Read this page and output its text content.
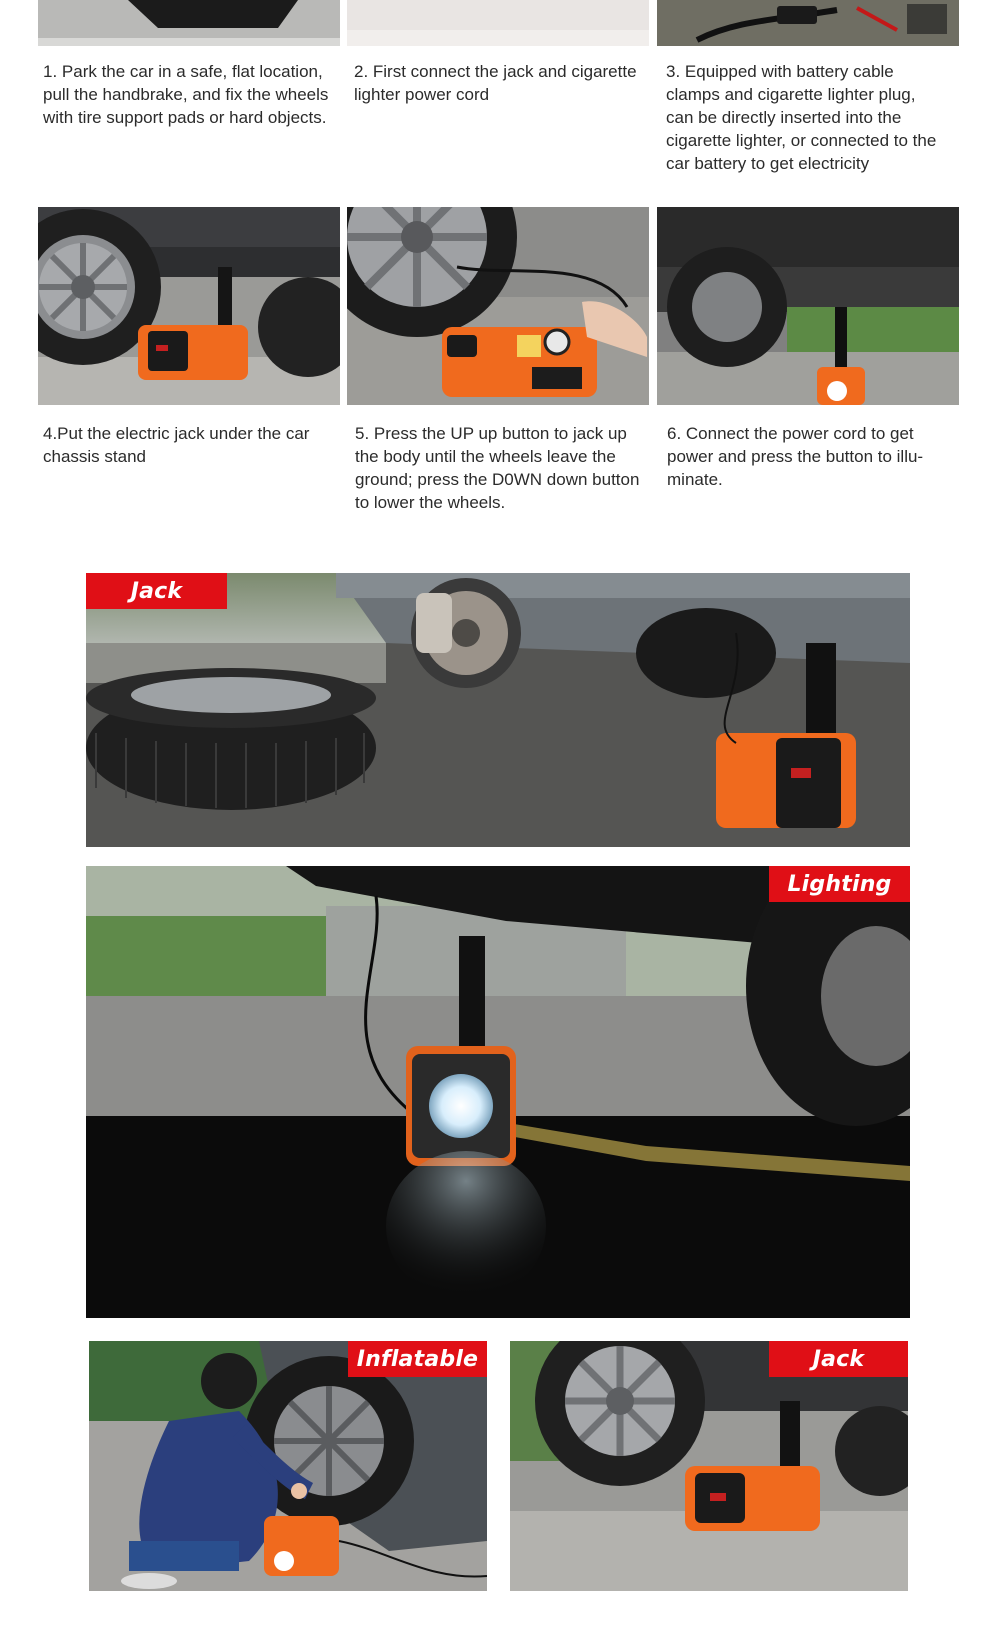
1. Park the car in a safe, flat location, pull the handbrake, and fix the wheels with tire support pads or hard objects.
2. First connect the jack and cigarette lighter power cord
3. Equipped with battery cable clamps and cigarette lighter plug, can be directly inserted into the cigarette lighter, or connected to the car battery to get electricity
4.Put the electric jack under the car chassis stand
5. Press the UP up button to jack up the body until the wheels leave the ground; press the D0WN down button to lower the wheels.
6. Connect the power cord to get power and press the button to illu-minate.
Jack
Lighting
Inflatable	Jack
